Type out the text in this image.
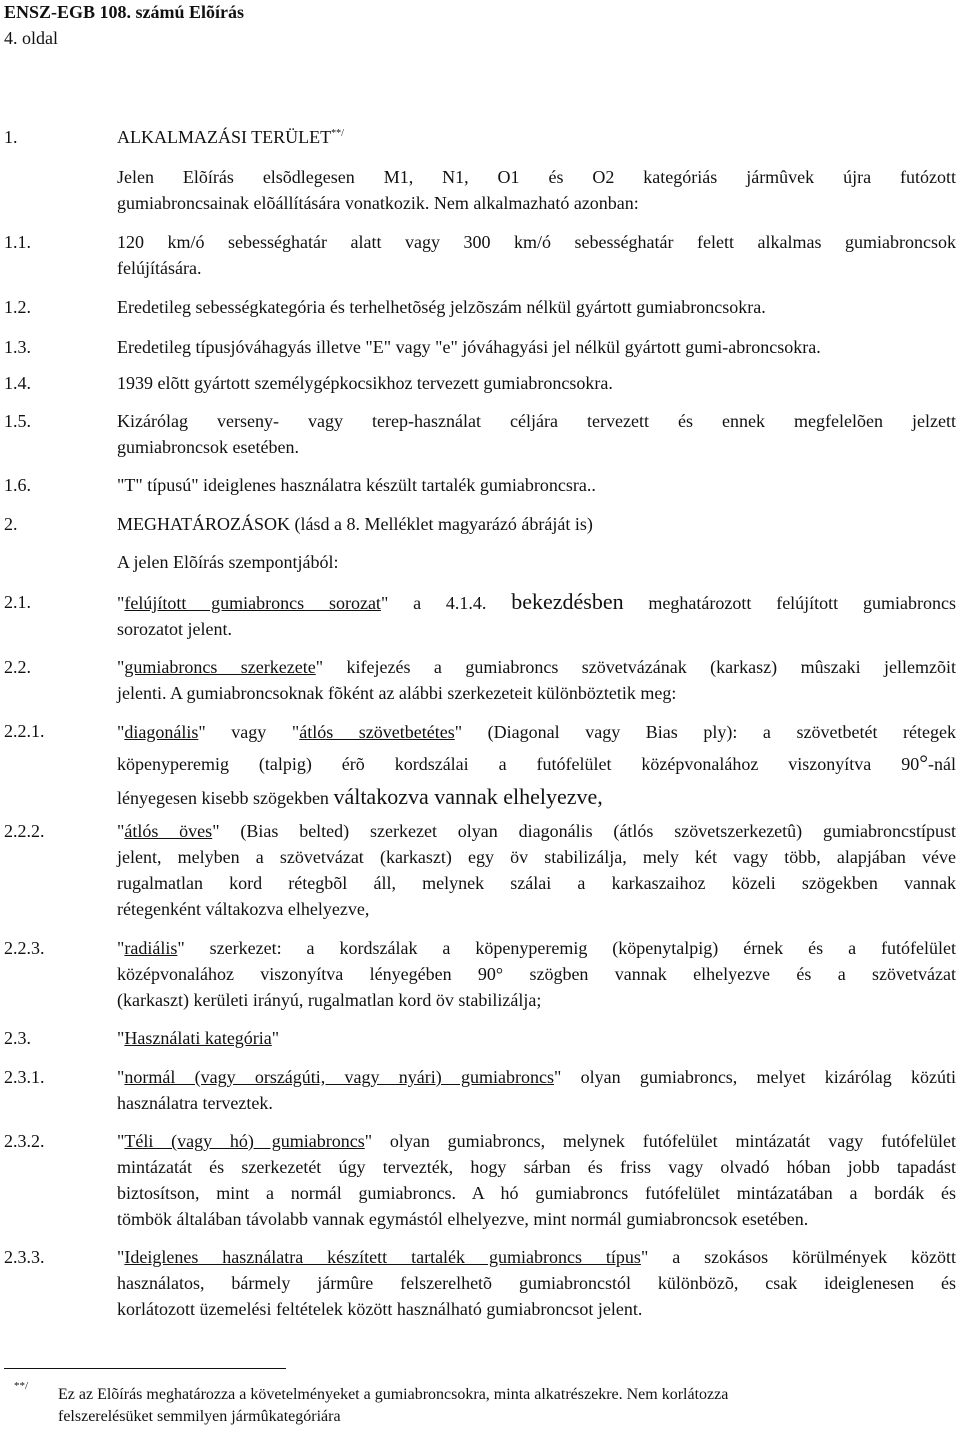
ENSZ-EGB 108. számú Elõírás
4. oldal
1.	ALKALMAZÁSI TERÜLET**/
Jelen Elõírás elsõdlegesen M1, N1, O1 és O2 kategóriás jármûvek újra futózott
gumiabroncsainak elõállítására vonatkozik. Nem alkalmazható azonban:
1.1.	120 km/ó sebességhatár alatt vagy 300 km/ó sebességhatár felett alkalmas gumiabroncsok
felújítására.
1.2.	Eredetileg sebességkategória és terhelhetõség jelzõszám nélkül gyártott gumiabroncsokra.
1.3.	Eredetileg típusjóváhagyás illetve "E" vagy "e" jóváhagyási jel nélkül gyártott gumi-abroncsokra.
1.4.	1939 elõtt gyártott személygépkocsikhoz tervezett gumiabroncsokra.
1.5.	Kizárólag verseny- vagy terep-használat céljára tervezett és ennek megfelelõen jelzett
gumiabroncsok esetében.
1.6.	"T" típusú" ideiglenes használatra készült tartalék gumiabroncsra..
2.	MEGHATÁROZÁSOK (lásd a 8. Melléklet magyarázó ábráját is)
A jelen Elõírás szempontjából:
2.1.	"felújított gumiabroncs sorozat" a 4.1.4. bekezdésben meghatározott felújított gumiabroncs
sorozatot jelent.
2.2.	"gumiabroncs szerkezete" kifejezés a gumiabroncs szövetvázának (karkasz) mûszaki jellemzõit
jelenti. A gumiabroncsoknak fõként az alábbi szerkezeteit különböztetik meg:
2.2.1.	"diagonális" vagy "átlós szövetbetétes" (Diagonal vagy Bias ply): a szövetbetét rétegek
köpenyperemig (talpig) érõ kordszálai a futófelület középvonalához viszonyítva 90°-nál
lényegesen kisebb szögekben váltakozva vannak elhelyezve,
2.2.2.	"átlós öves" (Bias belted) szerkezet olyan diagonális (átlós szövetszerkezetû) gumiabroncstípust
jelent, melyben a szövetvázat (karkaszt) egy öv stabilizálja, mely két vagy több, alapjában véve
rugalmatlan kord rétegbõl áll, melynek szálai a karkaszaihoz közeli szögekben vannak
rétegenként váltakozva elhelyezve,
2.2.3.	"radiális" szerkezet: a kordszálak a köpenyperemig (köpenytalpig) érnek és a futófelület
középvonalához viszonyítva lényegében 90° szögben vannak elhelyezve és a szövetvázat
(karkaszt) kerületi irányú, rugalmatlan kord öv stabilizálja;
2.3.	"Használati kategória"
2.3.1.	"normál (vagy országúti, vagy nyári) gumiabroncs" olyan gumiabroncs, melyet kizárólag közúti
használatra terveztek.
2.3.2.	"Téli (vagy hó) gumiabroncs" olyan gumiabroncs, melynek futófelület mintázatát vagy futófelület
mintázatát és szerkezetét úgy tervezték, hogy sárban és friss vagy olvadó hóban jobb tapadást
biztosítson, mint a normál gumiabroncs. A hó gumiabroncs futófelület mintázatában a bordák és
tömbök általában távolabb vannak egymástól elhelyezve, mint normál gumiabroncsok esetében.
2.3.3.	"Ideiglenes használatra készített tartalék gumiabroncs típus" a szokásos körülmények között
használatos, bármely jármûre felszerelhetõ gumiabroncstól különbözõ, csak ideiglenesen és
korlátozott üzemelési feltételek között használható gumiabroncsot jelent.
**/ Ez az Elõírás meghatározza a követelményeket a gumiabroncsokra, minta alkatrészekre. Nem korlátozza
felszerelésüket semmilyen jármûkategóriára
